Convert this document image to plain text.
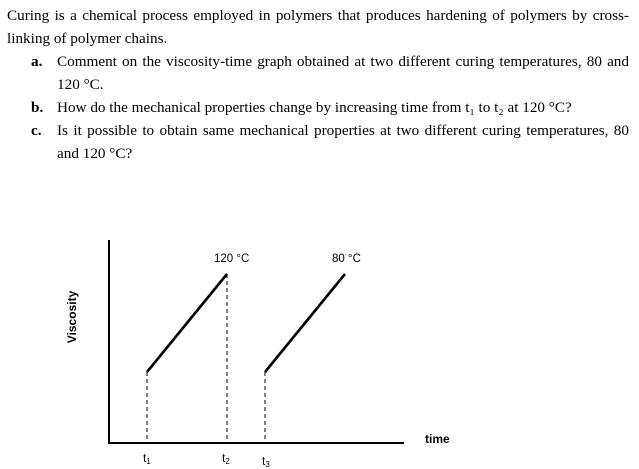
Curing is a chemical process employed in polymers that produces hardening of polymers by cross-linking of polymer chains.

a. Comment on the viscosity-time graph obtained at two different curing temperatures, 80 and 120 °C.
b. How do the mechanical properties change by increasing time from t₁ to t₂ at 120 °C?
c. Is it possible to obtain same mechanical properties at two different curing temperatures, 80 and 120 °C?
120 °C	80 °C
Viscosity
time
t1	t2	t3
